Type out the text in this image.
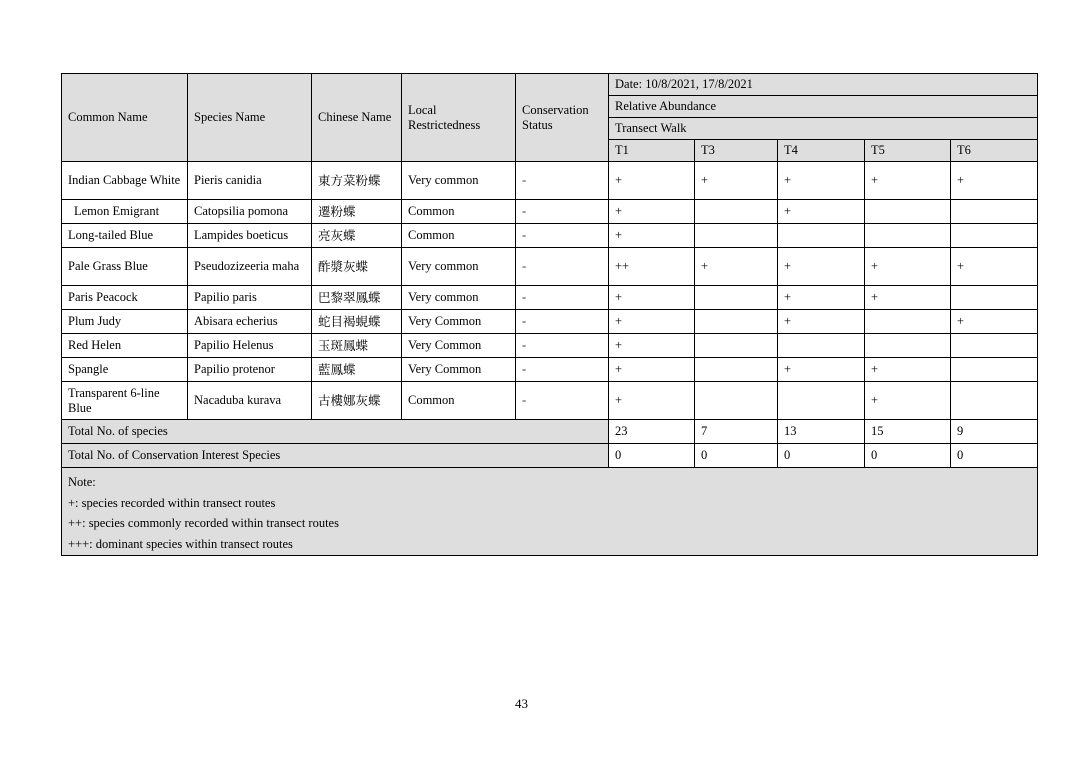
Common Name	Species Name	Chinese Name	Local Restrictedness	Conservation Status	Date: 10/8/2021, 17/8/2021				
					Relative Abundance				
					Transect Walk				
					T1	T3	T4	T5	T6
Indian Cabbage White	Pieris canidia	東方菜粉蝶	Very common	-	+	+	+	+	+
Lemon Emigrant	Catopsilia pomona	遷粉蝶	Common	-	+		+		
Long-tailed Blue	Lampides boeticus	亮灰蝶	Common	-	+				
Pale Grass Blue	Pseudozizeeria maha	酢漿灰蝶	Very common	-	++	+	+	+	+
Paris Peacock	Papilio paris	巴黎翠鳳蝶	Very common	-	+		+	+	
Plum Judy	Abisara echerius	蛇目褐蜆蝶	Very Common	-	+		+		+
Red Helen	Papilio Helenus	玉斑鳳蝶	Very Common	-	+				
Spangle	Papilio protenor	藍鳳蝶	Very Common	-	+		+	+	
Transparent 6-line Blue	Nacaduba kurava	古樓娜灰蝶	Common	-	+			+	
Total No. of species					23	7	13	15	9
Total No. of Conservation Interest Species					0	0	0	0	0

Note:
+: species recorded within transect routes
++: species commonly recorded within transect routes
+++: dominant species within transect routes									
43
